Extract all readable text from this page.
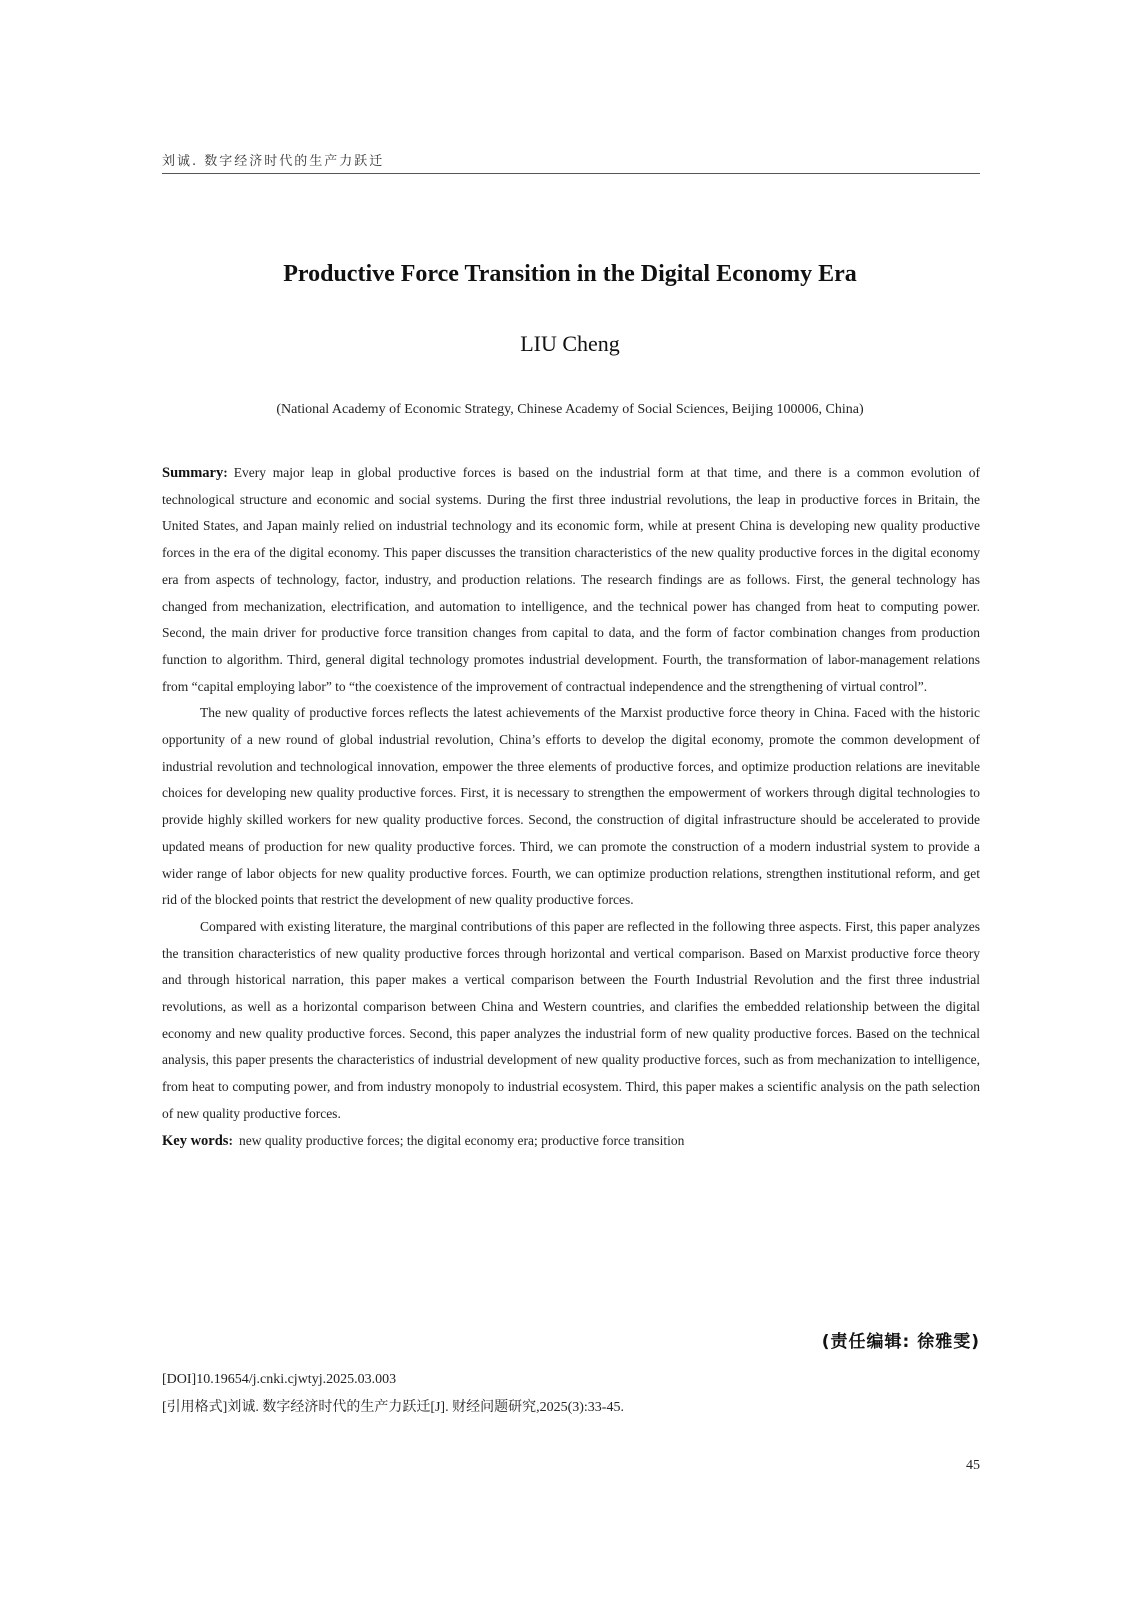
刘诚. 数字经济时代的生产力跃迁
Productive Force Transition in the Digital Economy Era
LIU Cheng
(National Academy of Economic Strategy, Chinese Academy of Social Sciences, Beijing 100006, China)

Summary: Every major leap in global productive forces is based on the industrial form at that time, and there is a common evolution of technological structure and economic and social systems. During the first three industrial revolutions, the leap in productive forces in Britain, the United States, and Japan mainly relied on industrial technology and its economic form, while at present China is developing new quality productive forces in the era of the digital economy. This paper discusses the transition characteristics of the new quality productive forces in the digital economy era from aspects of technology, factor, industry, and production relations. The research findings are as follows. First, the general technology has changed from mechanization, electrification, and automation to intelligence, and the technical power has changed from heat to computing power. Second, the main driver for productive force transition changes from capital to data, and the form of factor combination changes from production function to algorithm. Third, general digital technology promotes industrial development. Fourth, the transformation of labor-management relations from “capital employing labor” to “the coexistence of the improvement of contractual independence and the strengthening of virtual control”.

The new quality of productive forces reflects the latest achievements of the Marxist productive force theory in China. Faced with the historic opportunity of a new round of global industrial revolution, China’s efforts to develop the digital economy, promote the common development of industrial revolution and technological innovation, empower the three elements of productive forces, and optimize production relations are inevitable choices for developing new quality productive forces. First, it is necessary to strengthen the empowerment of workers through digital technologies to provide highly skilled workers for new quality productive forces. Second, the construction of digital infrastructure should be accelerated to provide updated means of production for new quality productive forces. Third, we can promote the construction of a modern industrial system to provide a wider range of labor objects for new quality productive forces. Fourth, we can optimize production relations, strengthen institutional reform, and get rid of the blocked points that restrict the development of new quality productive forces.

Compared with existing literature, the marginal contributions of this paper are reflected in the following three aspects. First, this paper analyzes the transition characteristics of new quality productive forces through horizontal and vertical comparison. Based on Marxist productive force theory and through historical narration, this paper makes a vertical comparison between the Fourth Industrial Revolution and the first three industrial revolutions, as well as a horizontal comparison between China and Western countries, and clarifies the embedded relationship between the digital economy and new quality productive forces. Second, this paper analyzes the industrial form of new quality productive forces. Based on the technical analysis, this paper presents the characteristics of industrial development of new quality productive forces, such as from mechanization to intelligence, from heat to computing power, and from industry monopoly to industrial ecosystem. Third, this paper makes a scientific analysis on the path selection of new quality productive forces.

Key words: new quality productive forces; the digital economy era; productive force transition

(责任编辑: 徐雅雯)
[DOI]10.19654/j.cnki.cjwtyj.2025.03.003
[引用格式]刘诚. 数字经济时代的生产力跃迁[J]. 财经问题研究,2025(3):33-45.
45
